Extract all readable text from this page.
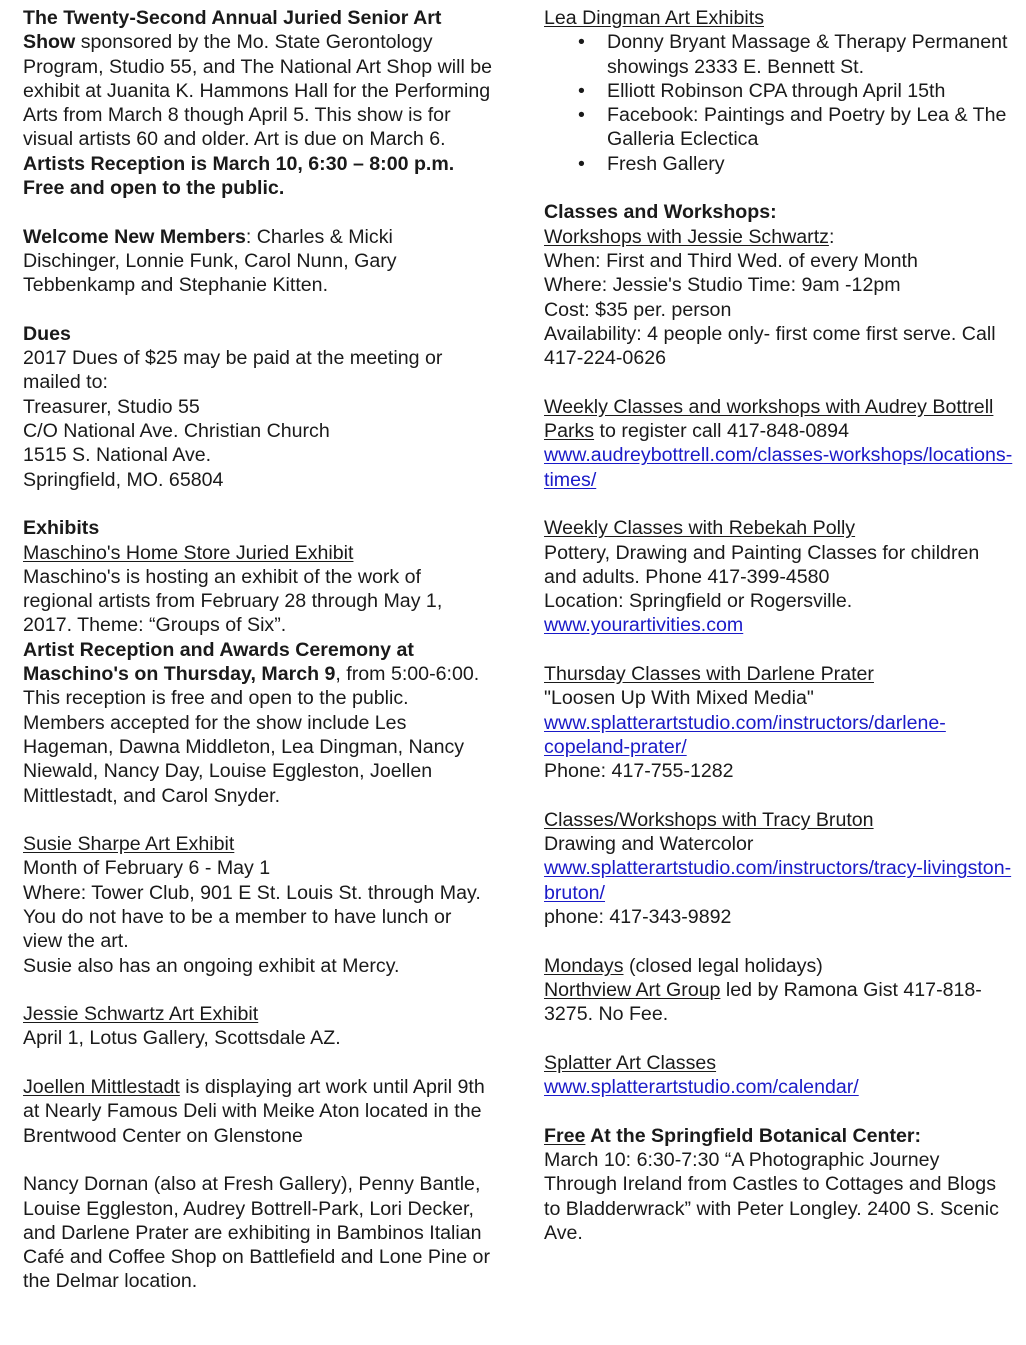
The Twenty-Second Annual Juried Senior Art Show sponsored by the Mo. State Gerontology Program, Studio 55, and The National Art Shop will be exhibit at Juanita K. Hammons Hall for the Performing Arts from March 8 though April 5. This show is for visual artists 60 and older. Art is due on March 6.

Artists Reception is March 10, 6:30 – 8:00 p.m. Free and open to the public.

Welcome New Members: Charles & Micki Dischinger, Lonnie Funk, Carol Nunn, Gary Tebbenkamp and Stephanie Kitten.

Dues

2017 Dues of $25 may be paid at the meeting or mailed to:

Treasurer, Studio 55

C/O National Ave. Christian Church

1515 S. National Ave.

Springfield, MO. 65804

Exhibits

Maschino's Home Store Juried Exhibit

Maschino's is hosting an exhibit of the work of regional artists from February 28 through May 1, 2017. Theme: “Groups of Six”.

Artist Reception and Awards Ceremony at Maschino's on Thursday, March 9, from 5:00-6:00. This reception is free and open to the public. Members accepted for the show include Les Hageman, Dawna Middleton, Lea Dingman, Nancy Niewald, Nancy Day, Louise Eggleston, Joellen Mittlestadt, and Carol Snyder.

Susie Sharpe Art Exhibit

Month of February 6 - May 1

Where: Tower Club, 901 E St. Louis St. through May. You do not have to be a member to have lunch or view the art.

Susie also has an ongoing exhibit at Mercy.

Jessie Schwartz Art Exhibit

April 1, Lotus Gallery, Scottsdale AZ.

Joellen Mittlestadt is displaying art work until April 9th at Nearly Famous Deli with Meike Aton located in the Brentwood Center on Glenstone

Nancy Dornan (also at Fresh Gallery), Penny Bantle, Louise Eggleston, Audrey Bottrell-Park, Lori Decker, and Darlene Prater are exhibiting in Bambinos Italian Café and Coffee Shop on Battlefield and Lone Pine or the Delmar location.

Lea Dingman Art Exhibits

• Donny Bryant Massage & Therapy Permanent showings 2333 E. Bennett St.
• Elliott Robinson CPA through April 15th
• Facebook: Paintings and Poetry by Lea & The Galleria Eclectica
• Fresh Gallery

Classes and Workshops:

Workshops with Jessie Schwartz:

When: First and Third Wed. of every Month

Where: Jessie's Studio Time: 9am -12pm

Cost: $35 per. person

Availability: 4 people only- first come first serve. Call 417-224-0626

Weekly Classes and workshops with Audrey Bottrell Parks to register call 417-848-0894

www.audreybottrell.com/classes-workshops/locations-times/

Weekly Classes with Rebekah Polly

Pottery, Drawing and Painting Classes for children and adults. Phone 417-399-4580

Location: Springfield or Rogersville.

www.yourartivities.com

Thursday Classes with Darlene Prater

"Loosen Up With Mixed Media"

www.splatterartstudio.com/instructors/darlene-copeland-prater/

Phone: 417-755-1282

Classes/Workshops with Tracy Bruton

Drawing and Watercolor

www.splatterartstudio.com/instructors/tracy-livingston-bruton/

phone: 417-343-9892

Mondays (closed legal holidays)

Northview Art Group led by Ramona Gist 417-818-3275. No Fee.

Splatter Art Classes

www.splatterartstudio.com/calendar/

Free At the Springfield Botanical Center:

March 10: 6:30-7:30 “A Photographic Journey Through Ireland from Castles to Cottages and Blogs to Bladderwrack” with Peter Longley. 2400 S. Scenic Ave.
